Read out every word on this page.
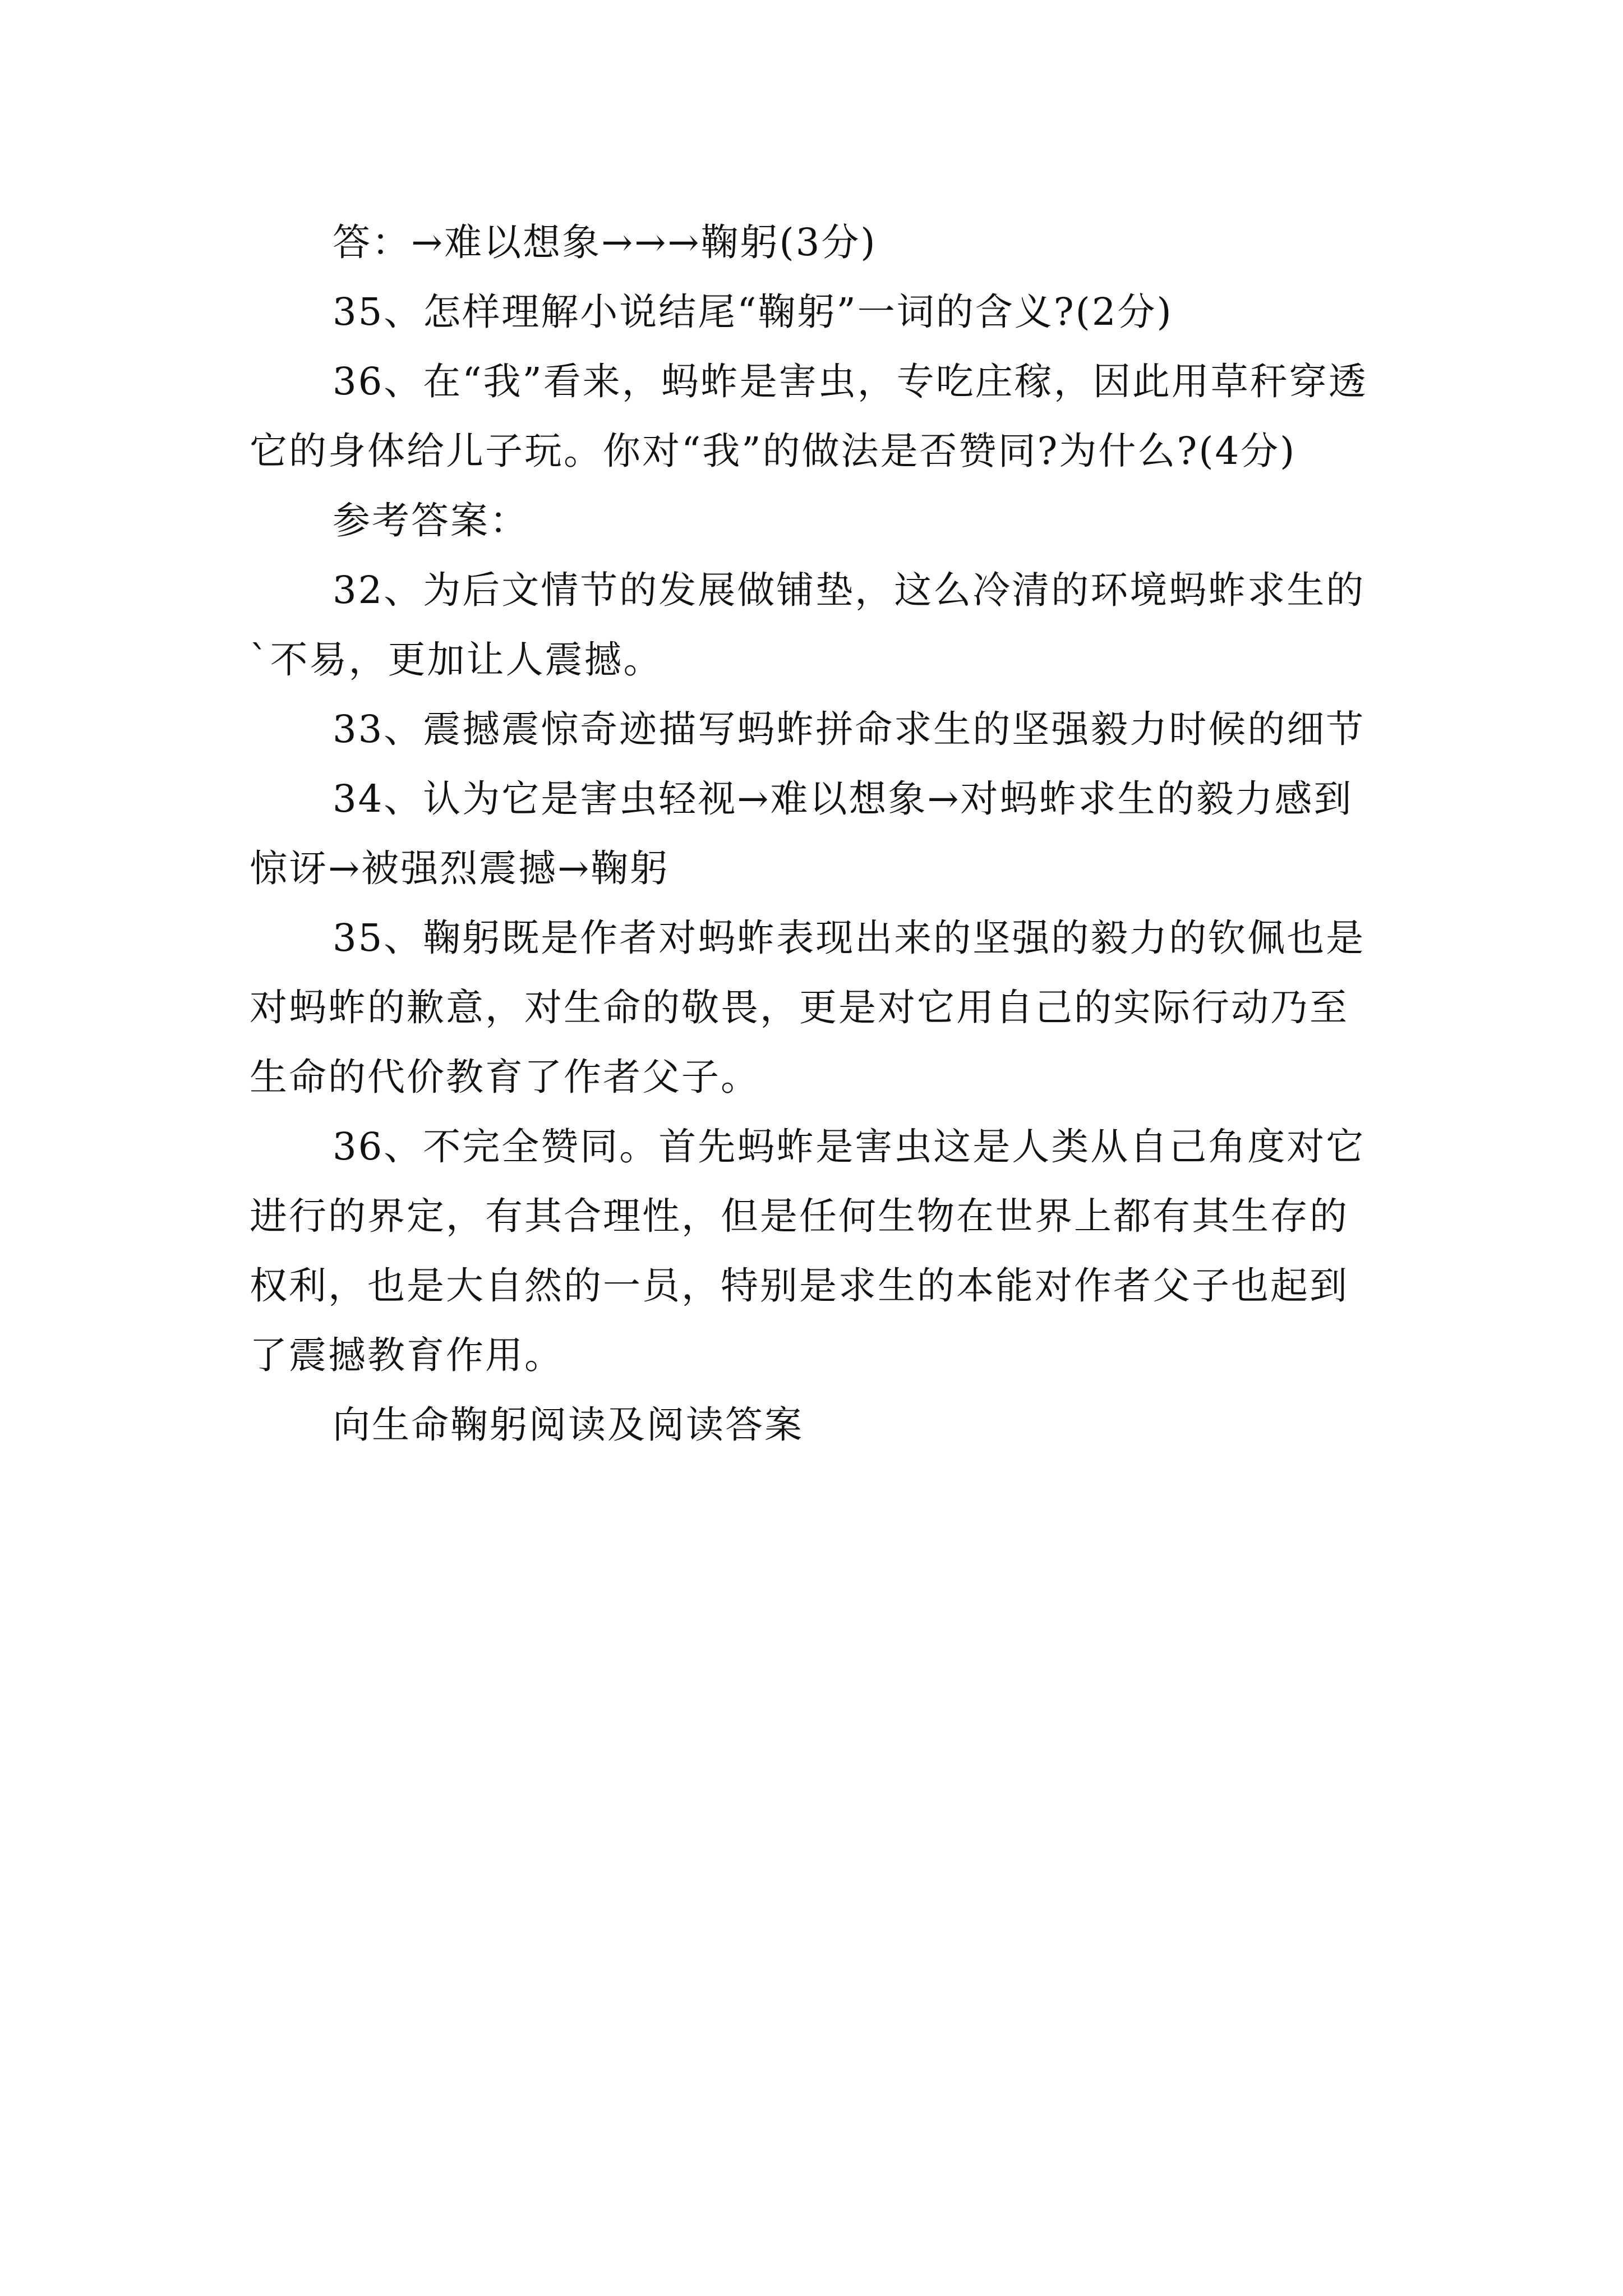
答：→难以想象→→→鞠躬(3分)

35、怎样理解小说结尾“鞠躬”一词的含义?(2分)

36、在“我”看来，蚂蚱是害虫，专吃庄稼，因此用草秆穿透它的身体给儿子玩。你对“我”的做法是否赞同?为什么?(4分)

参考答案：

32、为后文情节的发展做铺垫，这么冷清的环境蚂蚱求生的`不易，更加让人震撼。

33、震撼震惊奇迹描写蚂蚱拼命求生的坚强毅力时候的细节

34、认为它是害虫轻视→难以想象→对蚂蚱求生的毅力感到惊讶→被强烈震撼→鞠躬

35、鞠躬既是作者对蚂蚱表现出来的坚强的毅力的钦佩也是对蚂蚱的歉意，对生命的敬畏，更是对它用自己的实际行动乃至生命的代价教育了作者父子。

36、不完全赞同。首先蚂蚱是害虫这是人类从自己角度对它进行的界定，有其合理性，但是任何生物在世界上都有其生存的权利，也是大自然的一员，特别是求生的本能对作者父子也起到了震撼教育作用。

向生命鞠躬阅读及阅读答案
